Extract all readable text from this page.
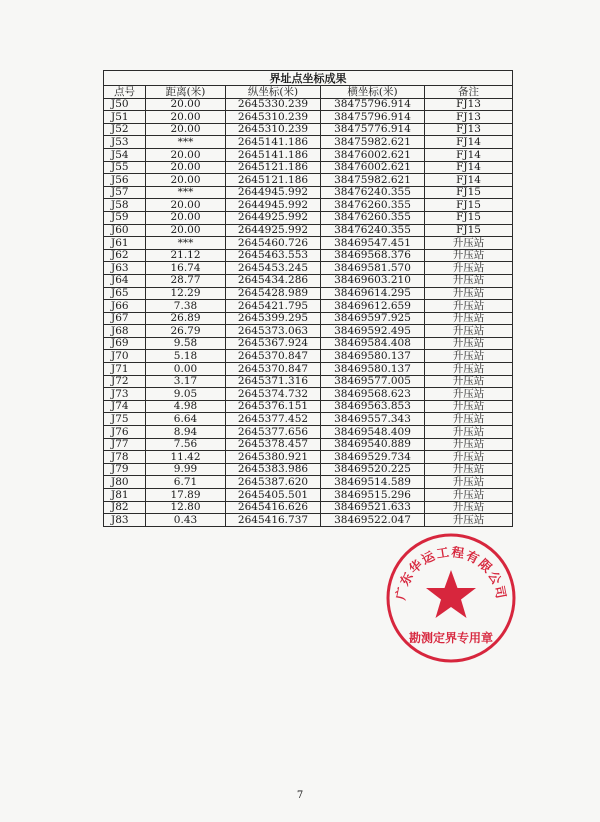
界址点坐标成果				
点号	距离(米)	纵坐标(米)	横坐标(米)	备注
J50	20.00	2645330.239	38475796.914	FJ13
J51	20.00	2645310.239	38475796.914	FJ13
J52	20.00	2645310.239	38475776.914	FJ13
J53	***	2645141.186	38475982.621	FJ14
J54	20.00	2645141.186	38476002.621	FJ14
J55	20.00	2645121.186	38476002.621	FJ14
J56	20.00	2645121.186	38475982.621	FJ14
J57	***	2644945.992	38476240.355	FJ15
J58	20.00	2644945.992	38476260.355	FJ15
J59	20.00	2644925.992	38476260.355	FJ15
J60	20.00	2644925.992	38476240.355	FJ15
J61	***	2645460.726	38469547.451	升压站
J62	21.12	2645463.553	38469568.376	升压站
J63	16.74	2645453.245	38469581.570	升压站
J64	28.77	2645434.286	38469603.210	升压站
J65	12.29	2645428.989	38469614.295	升压站
J66	7.38	2645421.795	38469612.659	升压站
J67	26.89	2645399.295	38469597.925	升压站
J68	26.79	2645373.063	38469592.495	升压站
J69	9.58	2645367.924	38469584.408	升压站
J70	5.18	2645370.847	38469580.137	升压站
J71	0.00	2645370.847	38469580.137	升压站
J72	3.17	2645371.316	38469577.005	升压站
J73	9.05	2645374.732	38469568.623	升压站
J74	4.98	2645376.151	38469563.853	升压站
J75	6.64	2645377.452	38469557.343	升压站
J76	8.94	2645377.656	38469548.409	升压站
J77	7.56	2645378.457	38469540.889	升压站
J78	11.42	2645380.921	38469529.734	升压站
J79	9.99	2645383.986	38469520.225	升压站
J80	6.71	2645387.620	38469514.589	升压站
J81	17.89	2645405.501	38469515.296	升压站
J82	12.80	2645416.626	38469521.633	升压站
J83	0.43	2645416.737	38469522.047	升压站
广东华运工程有限公司
勘测定界专用章
7
